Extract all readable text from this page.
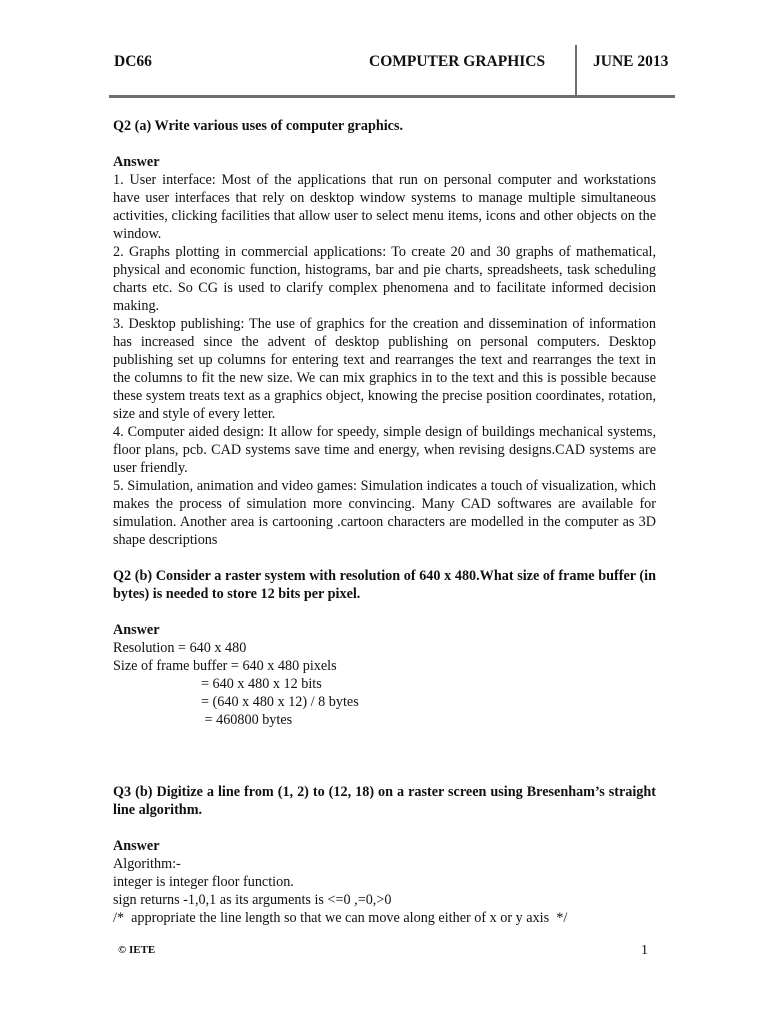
DC66	COMPUTER GRAPHICS	JUNE 2013

Q2 (a) Write various uses of computer graphics.

Answer

1. User interface: Most of the applications that run on personal computer and workstations have user interfaces that rely on desktop window systems to manage multiple simultaneous activities, clicking facilities that allow user to select menu items, icons and other objects on the window.

2. Graphs plotting in commercial applications: To create 20 and 30 graphs of mathematical, physical and economic function, histograms, bar and pie charts, spreadsheets, task scheduling charts etc. So CG is used to clarify complex phenomena and to facilitate informed decision making.

3. Desktop publishing: The use of graphics for the creation and dissemination of information has increased since the advent of desktop publishing on personal computers. Desktop publishing set up columns for entering text and rearranges the text and rearranges the text in the columns to fit the new size. We can mix graphics in to the text and this is possible because these system treats text as a graphics object, knowing the precise position coordinates, rotation, size and style of every letter.

4. Computer aided design: It allow for speedy, simple design of buildings mechanical systems, floor plans, pcb. CAD systems save time and energy, when revising designs.CAD systems are user friendly.

5. Simulation, animation and video games: Simulation indicates a touch of visualization, which makes the process of simulation more convincing. Many CAD softwares are available for simulation. Another area is cartooning .cartoon characters are modelled in the computer as 3D shape descriptions

Q2 (b) Consider a raster system with resolution of 640 x 480.What size of frame buffer (in bytes) is needed to store 12 bits per pixel.

Answer

Resolution = 640 x 480

Size of frame buffer = 640 x 480 pixels

= 640 x 480 x 12 bits

= (640 x 480 x 12) / 8 bytes

= 460800 bytes

Q3 (b) Digitize a line from (1, 2) to (12, 18) on a raster screen using Bresenham’s straight line algorithm.

Answer

Algorithm:-

integer is integer floor function.

sign returns -1,0,1 as its arguments is <=0 ,=0,>0

/*  appropriate the line length so that we can move along either of x or y axis  */

© IETE	1
